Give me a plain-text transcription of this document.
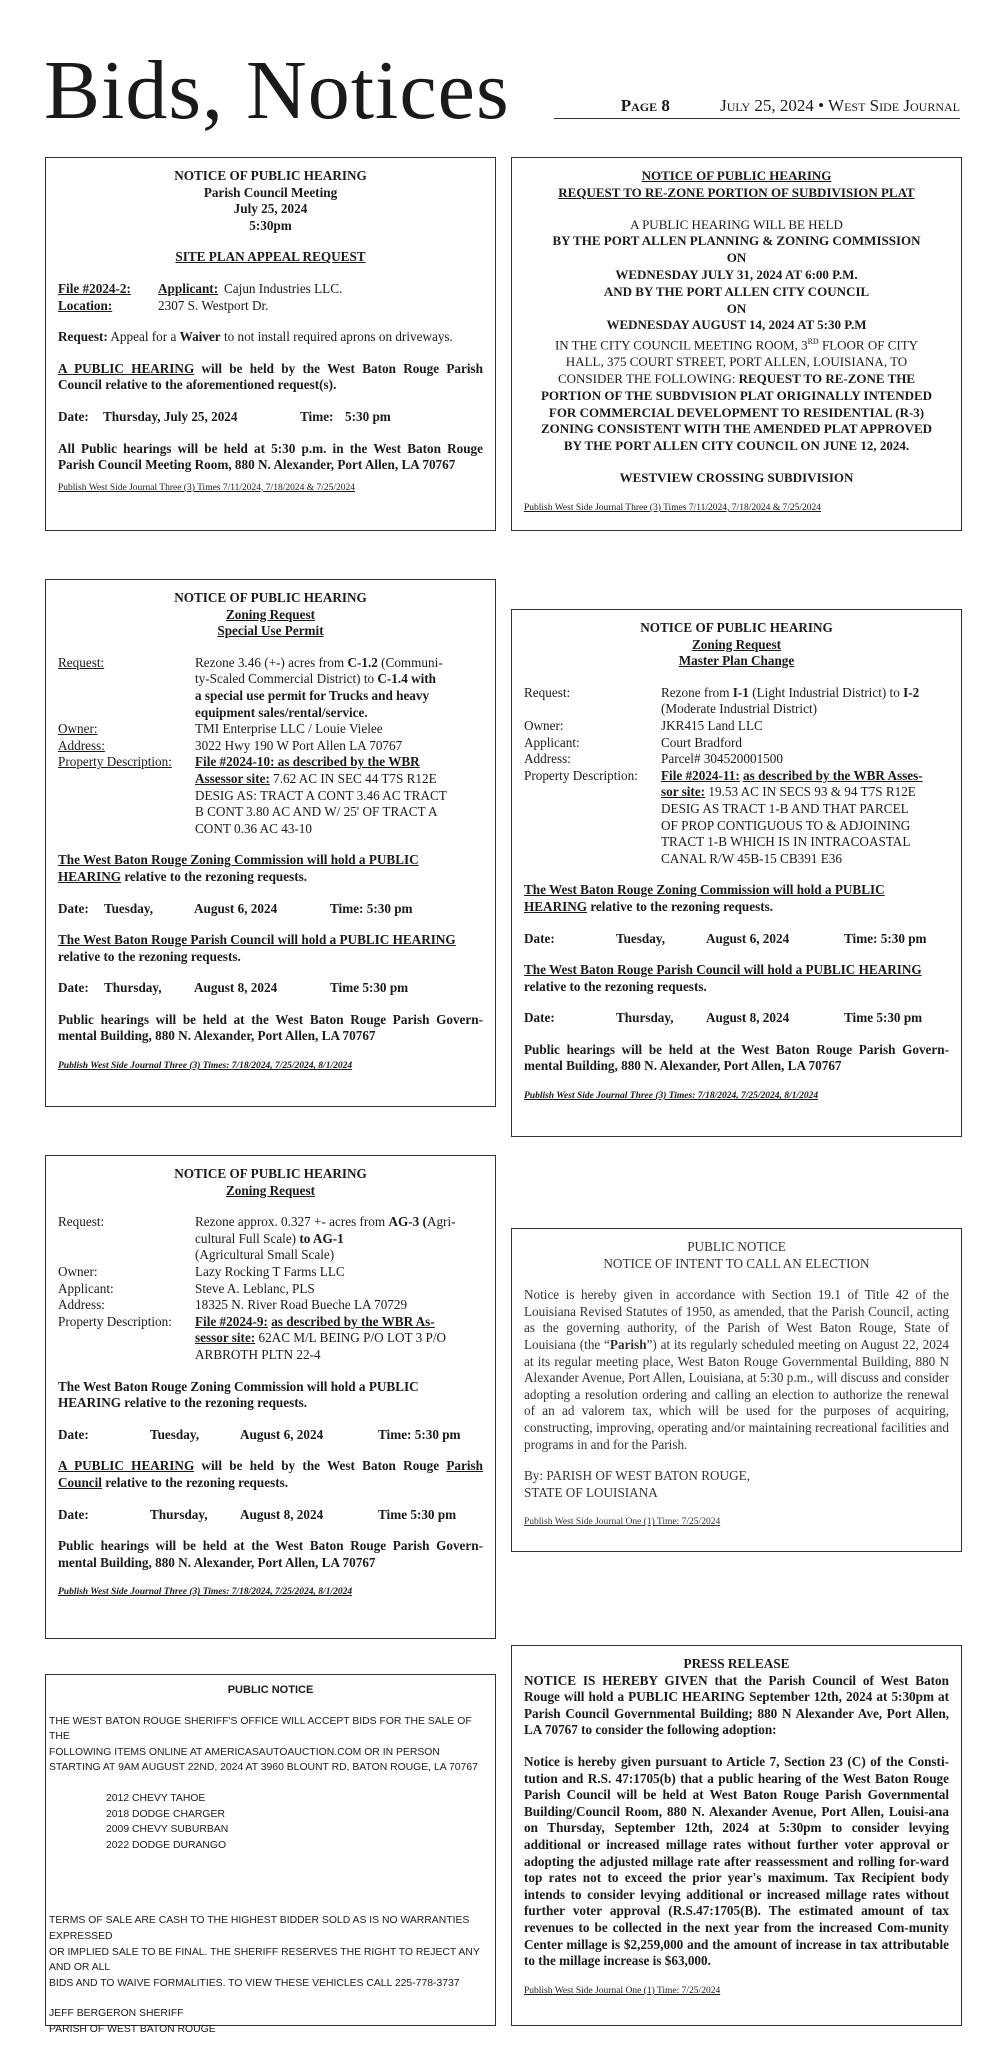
Bids, Notices	Page 8	July 25, 2024 • West Side Journal
NOTICE OF PUBLIC HEARING
Parish Council Meeting
July 25, 2024
5:30pm
SITE PLAN APPEAL REQUEST
File #2024-2:	Applicant: Cajun Industries LLC.
Location:	2307 S. Westport Dr.
Request: Appeal for a Waiver to not install required aprons on driveways.
A PUBLIC HEARING will be held by the West Baton Rouge Parish Council relative to the aforementioned request(s).
Date:	Thursday, July 25, 2024	Time: 5:30 pm
All Public hearings will be held at 5:30 p.m. in the West Baton Rouge Parish Council Meeting Room, 880 N. Alexander, Port Allen, LA 70767
Publish West Side Journal Three (3) Times 7/11/2024, 7/18/2024 & 7/25/2024
NOTICE OF PUBLIC HEARING
REQUEST TO RE-ZONE PORTION OF SUBDIVISION PLAT
A PUBLIC HEARING WILL BE HELD
BY THE PORT ALLEN PLANNING & ZONING COMMISSION
ON
WEDNESDAY JULY 31, 2024 AT 6:00 P.M.
AND BY THE PORT ALLEN CITY COUNCIL
ON
WEDNESDAY AUGUST 14, 2024 AT 5:30 P.M
IN THE CITY COUNCIL MEETING ROOM, 3RD FLOOR OF CITY
HALL, 375 COURT STREET, PORT ALLEN, LOUISIANA, TO
CONSIDER THE FOLLOWING: REQUEST TO RE-ZONE THE
PORTION OF THE SUBDVISION PLAT ORIGINALLY INTENDED
FOR COMMERCIAL DEVELOPMENT TO RESIDENTIAL (R-3)
ZONING CONSISTENT WITH THE AMENDED PLAT APPROVED
BY THE PORT ALLEN CITY COUNCIL ON JUNE 12, 2024.
WESTVIEW CROSSING SUBDIVISION
Publish West Side Journal Three (3) Times 7/11/2024, 7/18/2024 & 7/25/2024
NOTICE OF PUBLIC HEARING
Zoning Request
Special Use Permit
Request:	Rezone 3.46 (+-) acres from C-1.2 (Communi-
ty-Scaled Commercial District) to C-1.4 with
a special use permit for Trucks and heavy
equipment sales/rental/service.
Owner:	TMI Enterprise LLC / Louie Vielee
Address:	3022 Hwy 190 W Port Allen LA 70767
Property Description:	File #2024-10: as described by the WBR
Assessor site: 7.62 AC IN SEC 44 T7S R12E
DESIG AS: TRACT A CONT 3.46 AC TRACT
B CONT 3.80 AC AND W/ 25' OF TRACT A
CONT 0.36 AC 43-10
The West Baton Rouge Zoning Commission will hold a PUBLIC HEARING relative to the rezoning requests.
Date:	Tuesday,	August 6, 2024	Time: 5:30 pm
The West Baton Rouge Parish Council will hold a PUBLIC HEARING relative to the rezoning requests.
Date:	Thursday,	August 8, 2024	Time 5:30 pm
Public hearings will be held at the West Baton Rouge Parish Govern-mental Building, 880 N. Alexander, Port Allen, LA 70767
Publish West Side Journal Three (3) Times: 7/18/2024, 7/25/2024, 8/1/2024
NOTICE OF PUBLIC HEARING
Zoning Request
Master Plan Change
Request:	Rezone from I-1 (Light Industrial District) to I-2
(Moderate Industrial District)
Owner:	JKR415 Land LLC
Applicant:	Court Bradford
Address:	Parcel# 304520001500
Property Description:	File #2024-11: as described by the WBR Asses-
sor site: 19.53 AC IN SECS 93 & 94 T7S R12E
DESIG AS TRACT 1-B AND THAT PARCEL
OF PROP CONTIGUOUS TO & ADJOINING
TRACT 1-B WHICH IS IN INTRACOASTAL
CANAL R/W 45B-15 CB391 E36
The West Baton Rouge Zoning Commission will hold a PUBLIC HEARING relative to the rezoning requests.
Date:	Tuesday,	August 6, 2024	Time: 5:30 pm
The West Baton Rouge Parish Council will hold a PUBLIC HEARING relative to the rezoning requests.
Date:	Thursday,	August 8, 2024	Time 5:30 pm
Public hearings will be held at the West Baton Rouge Parish Govern-mental Building, 880 N. Alexander, Port Allen, LA 70767
Publish West Side Journal Three (3) Times: 7/18/2024, 7/25/2024, 8/1/2024
NOTICE OF PUBLIC HEARING
Zoning Request
Request:	Rezone approx. 0.327 +- acres from AG-3 (Agri-
cultural Full Scale) to AG-1
(Agricultural Small Scale)
Owner:	Lazy Rocking T Farms LLC
Applicant:	Steve A. Leblanc, PLS
Address:	18325 N. River Road Bueche LA 70729
Property Description:	File #2024-9: as described by the WBR As-
sessor site: 62AC M/L BEING P/O LOT 3 P/O
ARBROTH PLTN 22-4
The West Baton Rouge Zoning Commission will hold a PUBLIC HEARING relative to the rezoning requests.
Date:	Tuesday,	August 6, 2024	Time: 5:30 pm
A PUBLIC HEARING will be held by the West Baton Rouge Parish Council relative to the rezoning requests.
Date:	Thursday,	August 8, 2024	Time 5:30 pm
Public hearings will be held at the West Baton Rouge Parish Govern-mental Building, 880 N. Alexander, Port Allen, LA 70767
Publish West Side Journal Three (3) Times: 7/18/2024, 7/25/2024, 8/1/2024
PUBLIC NOTICE
NOTICE OF INTENT TO CALL AN ELECTION
Notice is hereby given in accordance with Section 19.1 of Title 42 of the Louisiana Revised Statutes of 1950, as amended, that the Parish Council, acting as the governing authority, of the Parish of West Baton Rouge, State of Louisiana (the “Parish”) at its regularly scheduled meeting on August 22, 2024 at its regular meeting place, West Baton Rouge Governmental Building, 880 N Alexander Avenue, Port Allen, Louisiana, at 5:30 p.m., will discuss and consider adopting a resolution ordering and calling an election to authorize the renewal of an ad valorem tax, which will be used for the purposes of acquiring, constructing, improving, operating and/or maintaining recreational facilities and programs in and for the Parish.
By: PARISH OF WEST BATON ROUGE,
STATE OF LOUISIANA
Publish West Side Journal One (1) Time: 7/25/2024
PUBLIC NOTICE
THE WEST BATON ROUGE SHERIFF'S OFFICE WILL ACCEPT BIDS FOR THE SALE OF THE
FOLLOWING ITEMS ONLINE AT AMERICASAUTOAUCTION.COM OR IN PERSON
STARTING AT 9AM AUGUST 22ND, 2024 AT 3960 BLOUNT RD, BATON ROUGE, LA 70767
2012 CHEVY TAHOE
2018 DODGE CHARGER
2009 CHEVY SUBURBAN
2022 DODGE DURANGO
TERMS OF SALE ARE CASH TO THE HIGHEST BIDDER SOLD AS IS NO WARRANTIES EXPRESSED
OR IMPLIED SALE TO BE FINAL. THE SHERIFF RESERVES THE RIGHT TO REJECT ANY AND OR ALL
BIDS AND TO WAIVE FORMALITIES. TO VIEW THESE VEHICLES CALL 225-778-3737
JEFF BERGERON SHERIFF
PARISH OF WEST BATON ROUGE
PRESS RELEASE
NOTICE IS HEREBY GIVEN that the Parish Council of West Baton Rouge will hold a PUBLIC HEARING September 12th, 2024 at 5:30pm at Parish Council Governmental Building; 880 N Alexander Ave, Port Allen, LA 70767 to consider the following adoption:
Notice is hereby given pursuant to Article 7, Section 23 (C) of the Consti-tution and R.S. 47:1705(b) that a public hearing of the West Baton Rouge Parish Council will be held at West Baton Rouge Parish Governmental Building/Council Room, 880 N. Alexander Avenue, Port Allen, Louisi-ana on Thursday, September 12th, 2024 at 5:30pm to consider levying additional or increased millage rates without further voter approval or adopting the adjusted millage rate after reassessment and rolling for-ward top rates not to exceed the prior year's maximum. Tax Recipient body intends to consider levying additional or increased millage rates without further voter approval (R.S.47:1705(B). The estimated amount of tax revenues to be collected in the next year from the increased Com-munity Center millage is $2,259,000 and the amount of increase in tax attributable to the millage increase is $63,000.
Publish West Side Journal One (1) Time: 7/25/2024
